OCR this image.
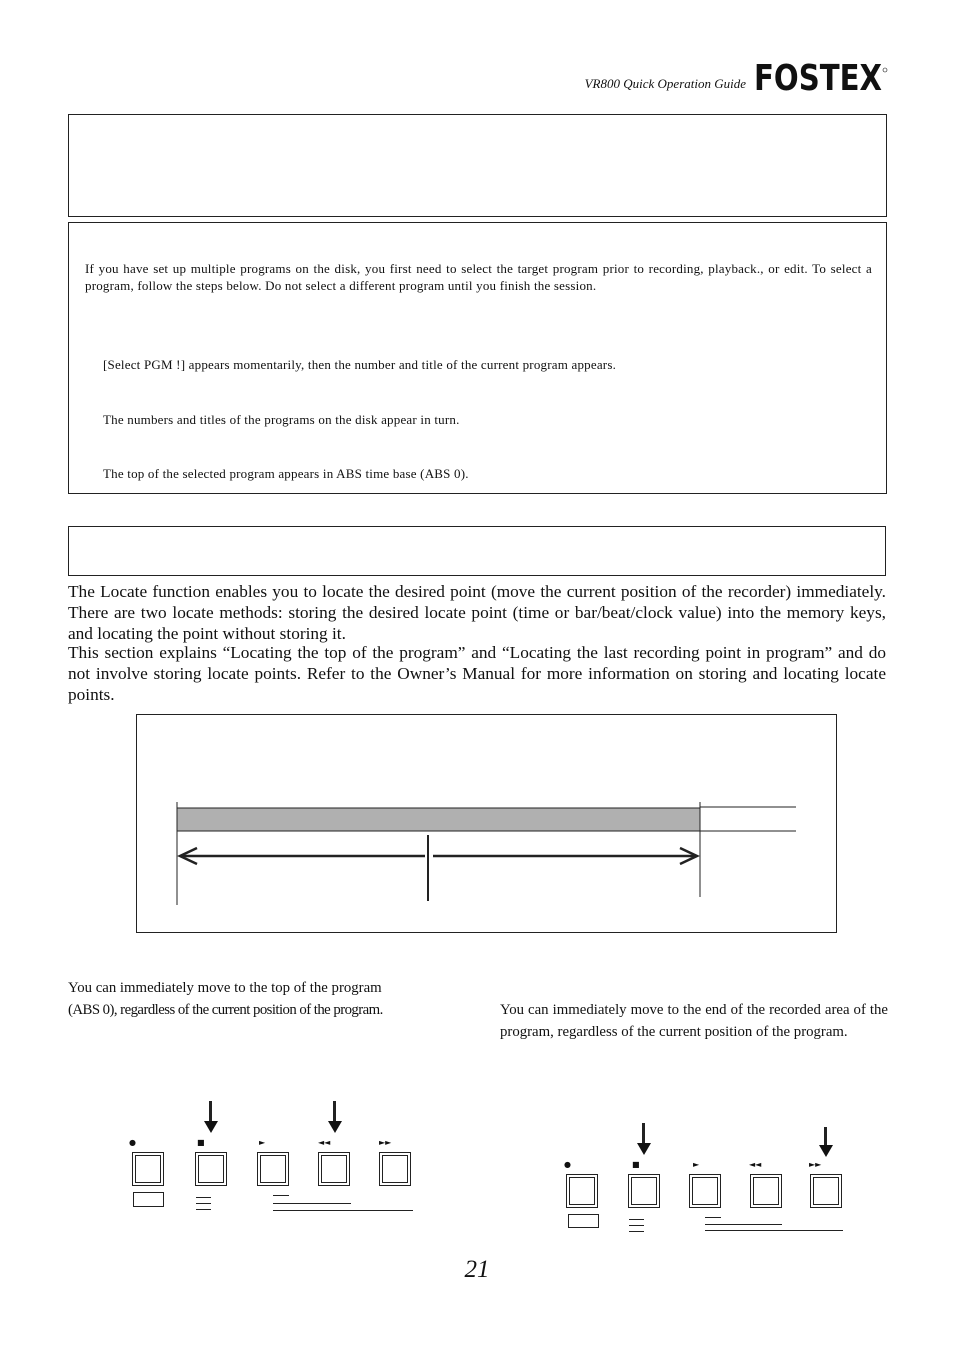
VR800 Quick Operation Guide FOSTEX
If you have set up multiple programs on the disk, you first need to select the target program prior to recording, playback., or edit. To select a program, follow the steps below. Do not select a different program until you finish the session.
[Select PGM !] appears momentarily, then the number and title of the current program appears.
The numbers and titles of the programs on the disk appear in turn.
The top of the selected program appears in ABS time base (ABS 0).
The Locate function enables you to locate the desired point (move the current position of the recorder) immediately. There are two locate methods: storing the desired locate point (time or bar/beat/clock value) into the memory keys, and locating the point without storing it.
This section explains “Locating the top of the program” and “Locating the last recording point in program” and do not involve storing locate points. Refer to the Owner’s Manual for more information on storing and locating locate points.
You can immediately move to the top of the program
(ABS 0), regardless of the current position of the program.	You can immediately move to the end of the recorded area of the program, regardless of the current position of the program.
●	■	►	◄◄	►►
●	■	►	◄◄	►►
21
